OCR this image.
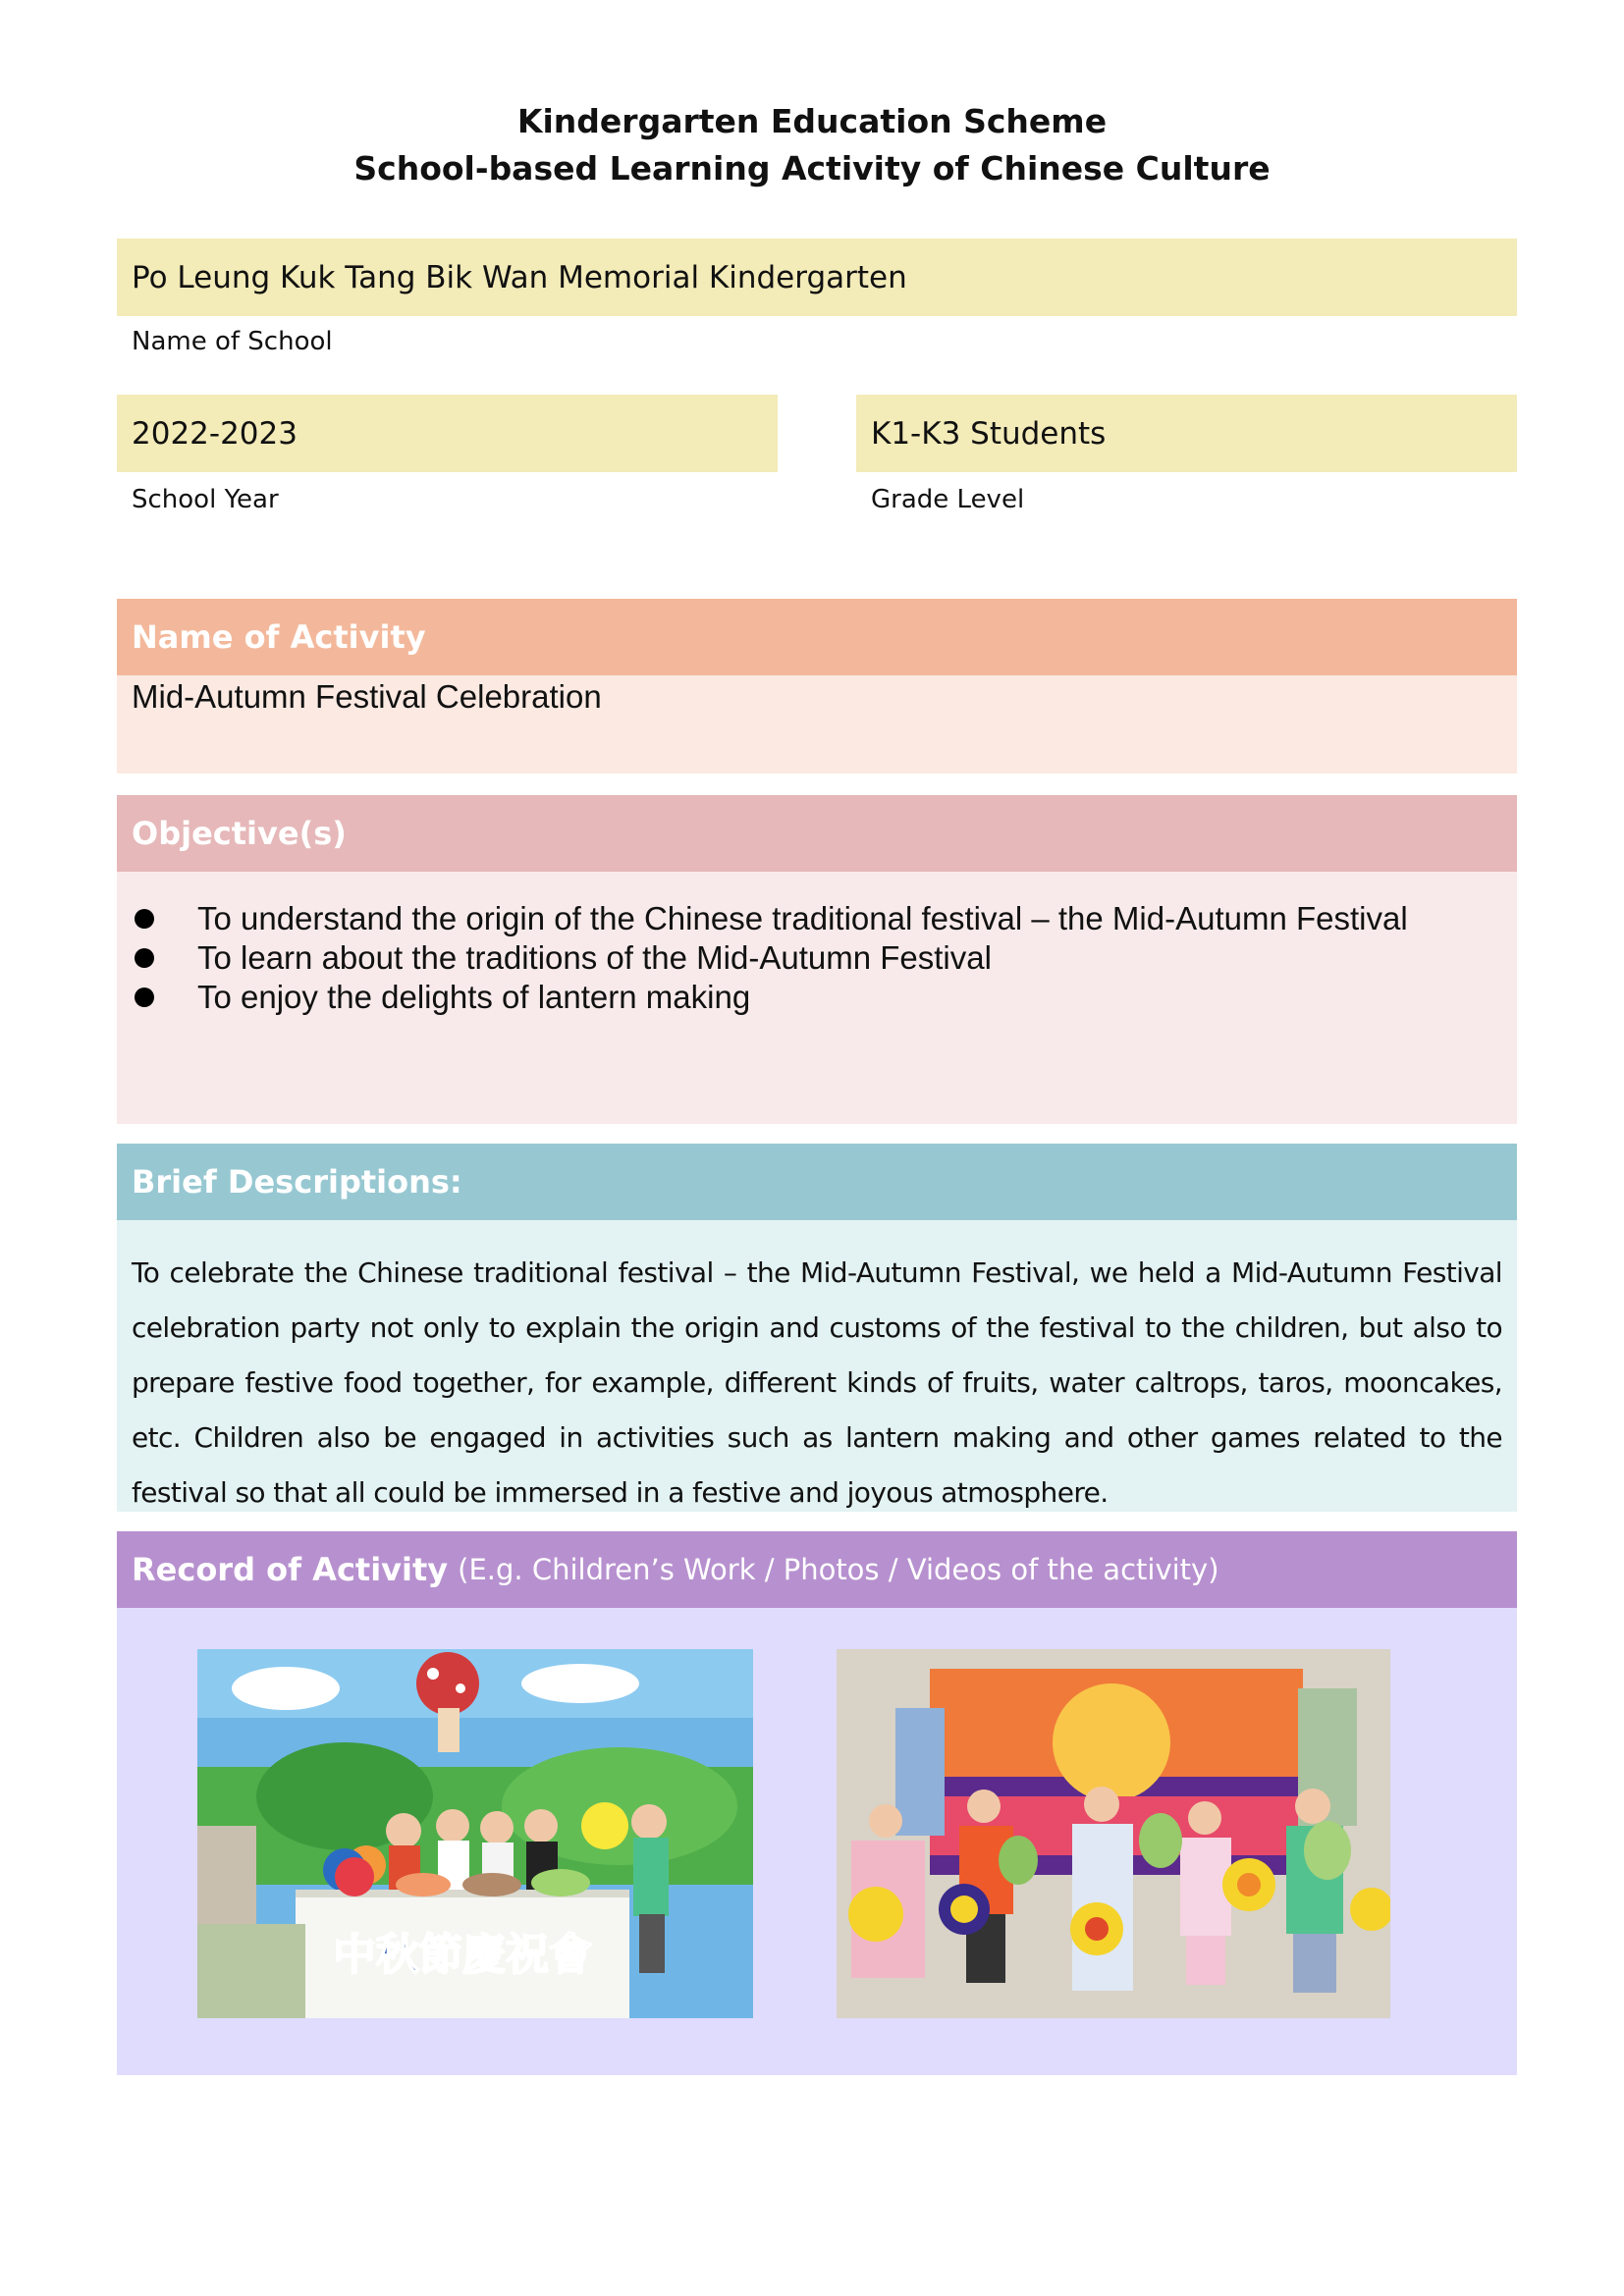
Kindergarten Education Scheme
School-based Learning Activity of Chinese Culture
Po Leung Kuk Tang Bik Wan Memorial Kindergarten
Name of School
2022-2023
School Year
K1-K3 Students
Grade Level
Name of Activity
Mid-Autumn Festival Celebration
Objective(s)
To understand the origin of the Chinese traditional festival – the Mid-Autumn Festival
To learn about the traditions of the Mid-Autumn Festival
To enjoy the delights of lantern making
Brief Descriptions:

To celebrate the Chinese traditional festival – the Mid-Autumn Festival, we held a Mid-Autumn Festival celebration party not only to explain the origin and customs of the festival to the children, but also to prepare festive food together, for example, different kinds of fruits, water caltrops, taros, mooncakes, etc. Children also be engaged in activities such as lantern making and other games related to the festival so that all could be immersed in a festive and joyous atmosphere.

Record of Activity (E.g. Children’s Work / Photos / Videos of the activity)
中秋節慶祝會
